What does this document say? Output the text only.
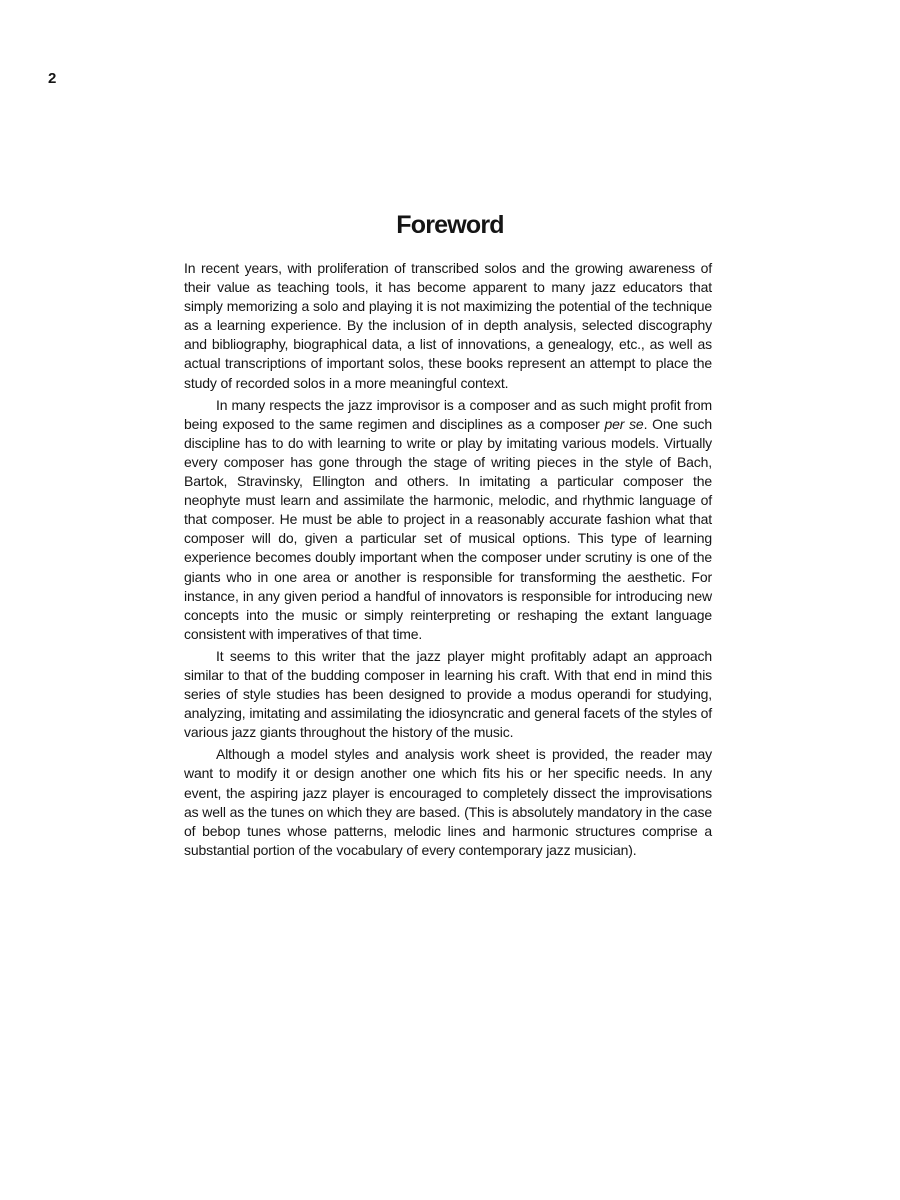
2
Foreword

In recent years, with proliferation of transcribed solos and the growing awareness of their value as teaching tools, it has become apparent to many jazz educators that simply memorizing a solo and playing it is not maximizing the potential of the technique as a learning experience. By the inclusion of in depth analysis, selected discography and bibliography, biographical data, a list of innovations, a genealogy, etc., as well as actual transcriptions of important solos, these books represent an attempt to place the study of recorded solos in a more meaningful context.

In many respects the jazz improvisor is a composer and as such might profit from being exposed to the same regimen and disciplines as a composer per se. One such discipline has to do with learning to write or play by imitating various models. Virtually every composer has gone through the stage of writing pieces in the style of Bach, Bartok, Stravinsky, Ellington and others. In imitating a particular composer the neophyte must learn and assimilate the harmonic, melodic, and rhythmic language of that composer. He must be able to project in a reasonably accurate fashion what that composer will do, given a particular set of musical options. This type of learning experience becomes doubly important when the composer under scrutiny is one of the giants who in one area or another is responsible for transforming the aesthetic. For instance, in any given period a handful of innovators is responsible for introducing new concepts into the music or simply reinterpreting or reshaping the extant language consistent with imperatives of that time.

It seems to this writer that the jazz player might profitably adapt an approach similar to that of the budding composer in learning his craft. With that end in mind this series of style studies has been designed to provide a modus operandi for studying, analyzing, imitating and assimilating the idiosyncratic and general facets of the styles of various jazz giants throughout the history of the music.

Although a model styles and analysis work sheet is provided, the reader may want to modify it or design another one which fits his or her specific needs. In any event, the aspiring jazz player is encouraged to completely dissect the improvisations as well as the tunes on which they are based. (This is absolutely mandatory in the case of bebop tunes whose patterns, melodic lines and harmonic structures comprise a substantial portion of the vocabulary of every contemporary jazz musician).
